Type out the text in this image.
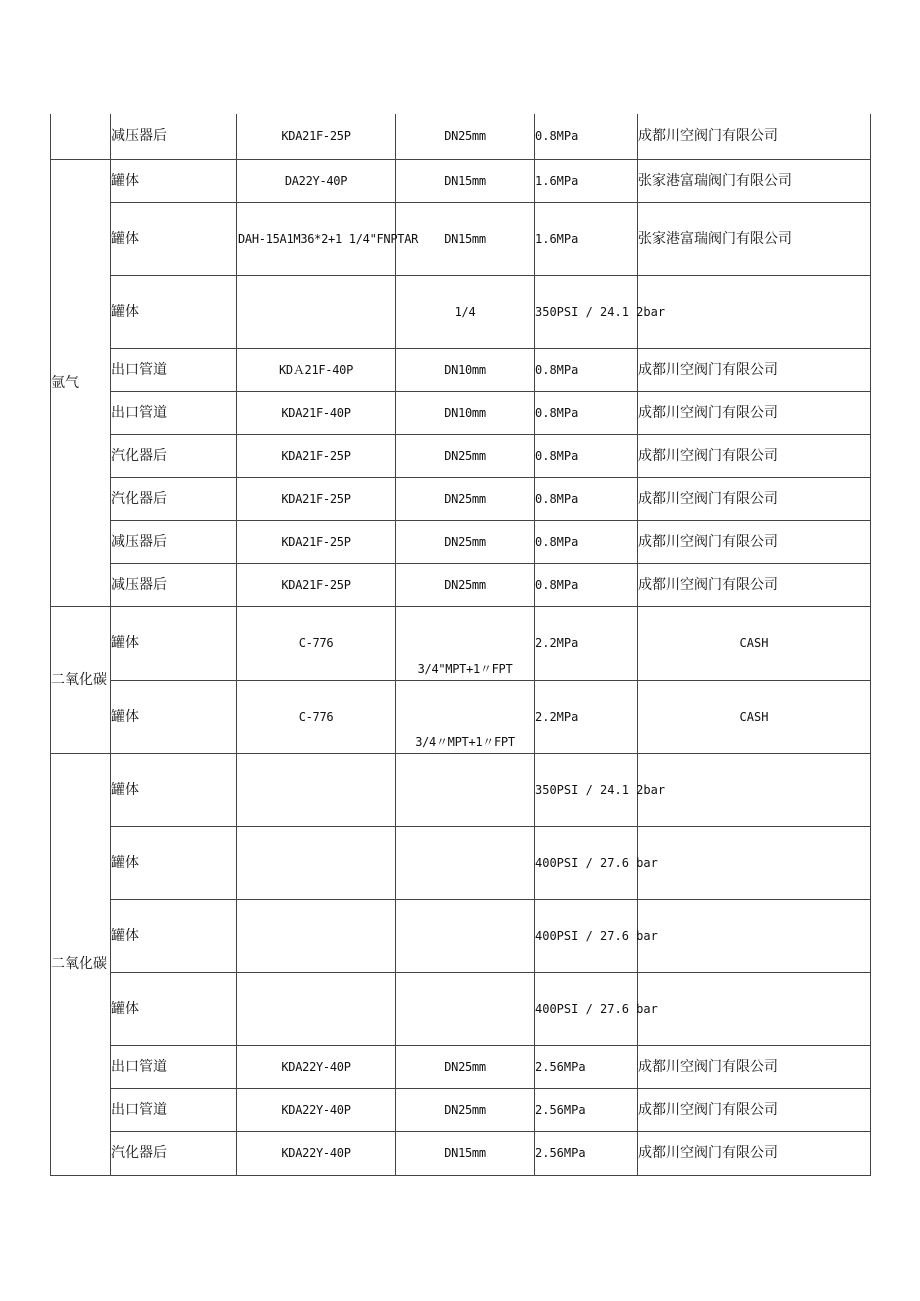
	减压器后	KDA21F-25P	DN25mm	0.8MPa	成都川空阀门有限公司
氩气	罐体	DA22Y-40P	DN15mm	1.6MPa	张家港富瑞阀门有限公司
	罐体	DAH-15A1M36*2+1 1/4"FNPTAR	DN15mm	1.6MPa	张家港富瑞阀门有限公司
	罐体		1/4	350PSI / 24.1 2bar	
	出口管道	KDＡ21F-40P	DN10mm	0.8MPa	成都川空阀门有限公司
	出口管道	KDA21F-40P	DN10mm	0.8MPa	成都川空阀门有限公司
	汽化器后	KDA21F-25P	DN25mm	0.8MPa	成都川空阀门有限公司
	汽化器后	KDA21F-25P	DN25mm	0.8MPa	成都川空阀门有限公司
	减压器后	KDA21F-25P	DN25mm	0.8MPa	成都川空阀门有限公司
	减压器后	KDA21F-25P	DN25mm	0.8MPa	成都川空阀门有限公司
二氧化碳	罐体	C-776	3/4"MPT+1〃FPT	2.2MPa	CASH
	罐体	C-776	3/4〃MPT+1〃FPT	2.2MPa	CASH
二氧化碳	罐体			350PSI / 24.1 2bar	
	罐体			400PSI / 27.6 bar	
	罐体			400PSI / 27.6 bar	
	罐体			400PSI / 27.6 bar	
	出口管道	KDA22Y-40P	DN25mm	2.56MPa	成都川空阀门有限公司
	出口管道	KDA22Y-40P	DN25mm	2.56MPa	成都川空阀门有限公司
	汽化器后	KDA22Y-40P	DN15mm	2.56MPa	成都川空阀门有限公司
